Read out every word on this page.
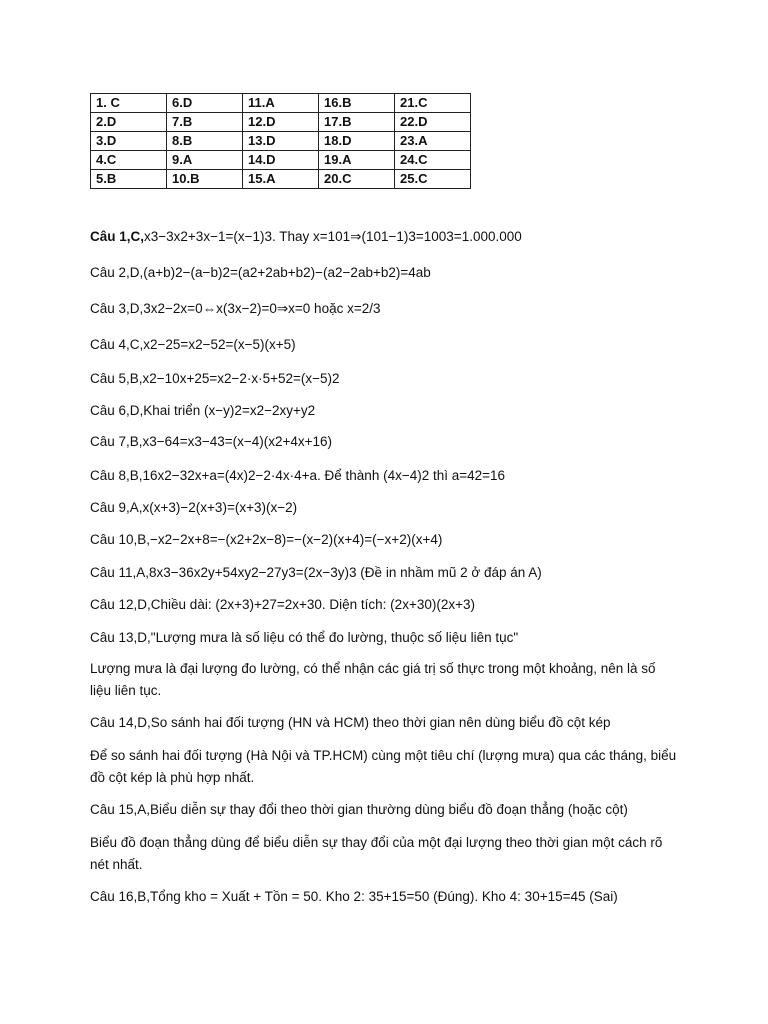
1. C	6.D	11.A	16.B	21.C
2.D	7.B	12.D	17.B	22.D
3.D	8.B	13.D	18.D	23.A
4.C	9.A	14.D	19.A	24.C
5.B	10.B	15.A	20.C	25.C
Câu 1,C,x3−3x2+3x−1=(x−1)3. Thay x=101⇒(101−1)3=1003=1.000.000
Câu 2,D,(a+b)2−(a−b)2=(a2+2ab+b2)−(a2−2ab+b2)=4ab
Câu 3,D,3x2−2x=0⇔x(3x−2)=0⇒x=0 hoặc x=2/3
Câu 4,C,x2−25=x2−52=(x−5)(x+5)
Câu 5,B,x2−10x+25=x2−2·x·5+52=(x−5)2
Câu 6,D,Khai triển (x−y)2=x2−2xy+y2
Câu 7,B,x3−64=x3−43=(x−4)(x2+4x+16)
Câu 8,B,16x2−32x+a=(4x)2−2·4x·4+a. Để thành (4x−4)2 thì a=42=16
Câu 9,A,x(x+3)−2(x+3)=(x+3)(x−2)
Câu 10,B,−x2−2x+8=−(x2+2x−8)=−(x−2)(x+4)=(−x+2)(x+4)
Câu 11,A,8x3−36x2y+54xy2−27y3=(2x−3y)3 (Đề in nhầm mũ 2 ở đáp án A)
Câu 12,D,Chiều dài: (2x+3)+27=2x+30. Diện tích: (2x+30)(2x+3)
Câu 13,D,"Lượng mưa là số liệu có thể đo lường, thuộc số liệu liên tục"
Lượng mưa là đại lượng đo lường, có thể nhận các giá trị số thực trong một khoảng, nên là số liệu liên tục.
Câu 14,D,So sánh hai đối tượng (HN và HCM) theo thời gian nên dùng biểu đồ cột kép
Để so sánh hai đối tượng (Hà Nội và TP.HCM) cùng một tiêu chí (lượng mưa) qua các tháng, biểu đồ cột kép là phù hợp nhất.
Câu 15,A,Biểu diễn sự thay đổi theo thời gian thường dùng biểu đồ đoạn thẳng (hoặc cột)
Biểu đồ đoạn thẳng dùng để biểu diễn sự thay đổi của một đại lượng theo thời gian một cách rõ nét nhất.
Câu 16,B,Tổng kho = Xuất + Tồn = 50. Kho 2: 35+15=50 (Đúng). Kho 4: 30+15=45 (Sai)
